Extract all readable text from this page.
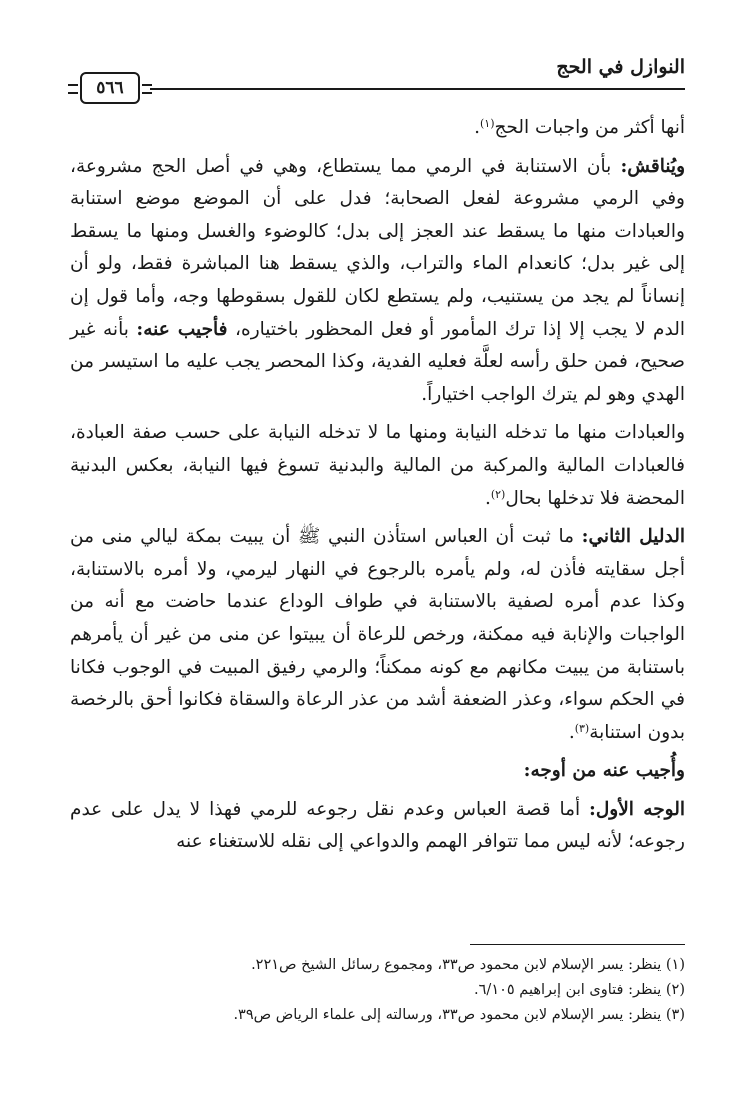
النوازل في الحج
٥٦٦

أنها أكثر من واجبات الحج$^{(١)}$.

ويُناقش: بأن الاستنابة في الرمي مما يستطاع، وهي في أصل الحج مشروعة، وفي الرمي مشروعة لفعل الصحابة؛ فدل على أن الموضع موضع استنابة والعبادات منها ما يسقط عند العجز إلى بدل؛ كالوضوء والغسل ومنها ما يسقط إلى غير بدل؛ كانعدام الماء والتراب، والذي يسقط هنا المباشرة فقط، ولو أن إنساناً لم يجد من يستنيب، ولم يستطع لكان للقول بسقوطها وجه، وأما قول إن الدم لا يجب إلا إذا ترك المأمور أو فعل المحظور باختياره، فأجيب عنه: بأنه غير صحيح، فمن حلق رأسه لعلَّة فعليه الفدية، وكذا المحصر يجب عليه ما استيسر من الهدي وهو لم يترك الواجب اختياراً.

والعبادات منها ما تدخله النيابة ومنها ما لا تدخله النيابة على حسب صفة العبادة، فالعبادات المالية والمركبة من المالية والبدنية تسوغ فيها النيابة، بعكس البدنية المحضة فلا تدخلها بحال$^{(٢)}$.

الدليل الثاني: ما ثبت أن العباس استأذن النبي ﷺ أن يبيت بمكة ليالي منى من أجل سقايته فأذن له، ولم يأمره بالرجوع في النهار ليرمي، ولا أمره بالاستنابة، وكذا عدم أمره لصفية بالاستنابة في طواف الوداع عندما حاضت مع أنه من الواجبات والإنابة فيه ممكنة، ورخص للرعاة أن يبيتوا عن منى من غير أن يأمرهم باستنابة من يبيت مكانهم مع كونه ممكناً؛ والرمي رفيق المبيت في الوجوب فكانا في الحكم سواء، وعذر الضعفة أشد من عذر الرعاة والسقاة فكانوا أحق بالرخصة بدون استنابة$^{(٣)}$.

وأُجيب عنه من أوجه:

الوجه الأول: أما قصة العباس وعدم نقل رجوعه للرمي فهذا لا يدل على عدم رجوعه؛ لأنه ليس مما تتوافر الهمم والدواعي إلى نقله للاستغناء عنه

(١) ينظر: يسر الإسلام لابن محمود ص٣٣، ومجموع رسائل الشيخ ص٢٢١.
(٢) ينظر: فتاوى ابن إبراهيم ٦/١٠٥.
(٣) ينظر: يسر الإسلام لابن محمود ص٣٣، ورسالته إلى علماء الرياض ص٣٩.
